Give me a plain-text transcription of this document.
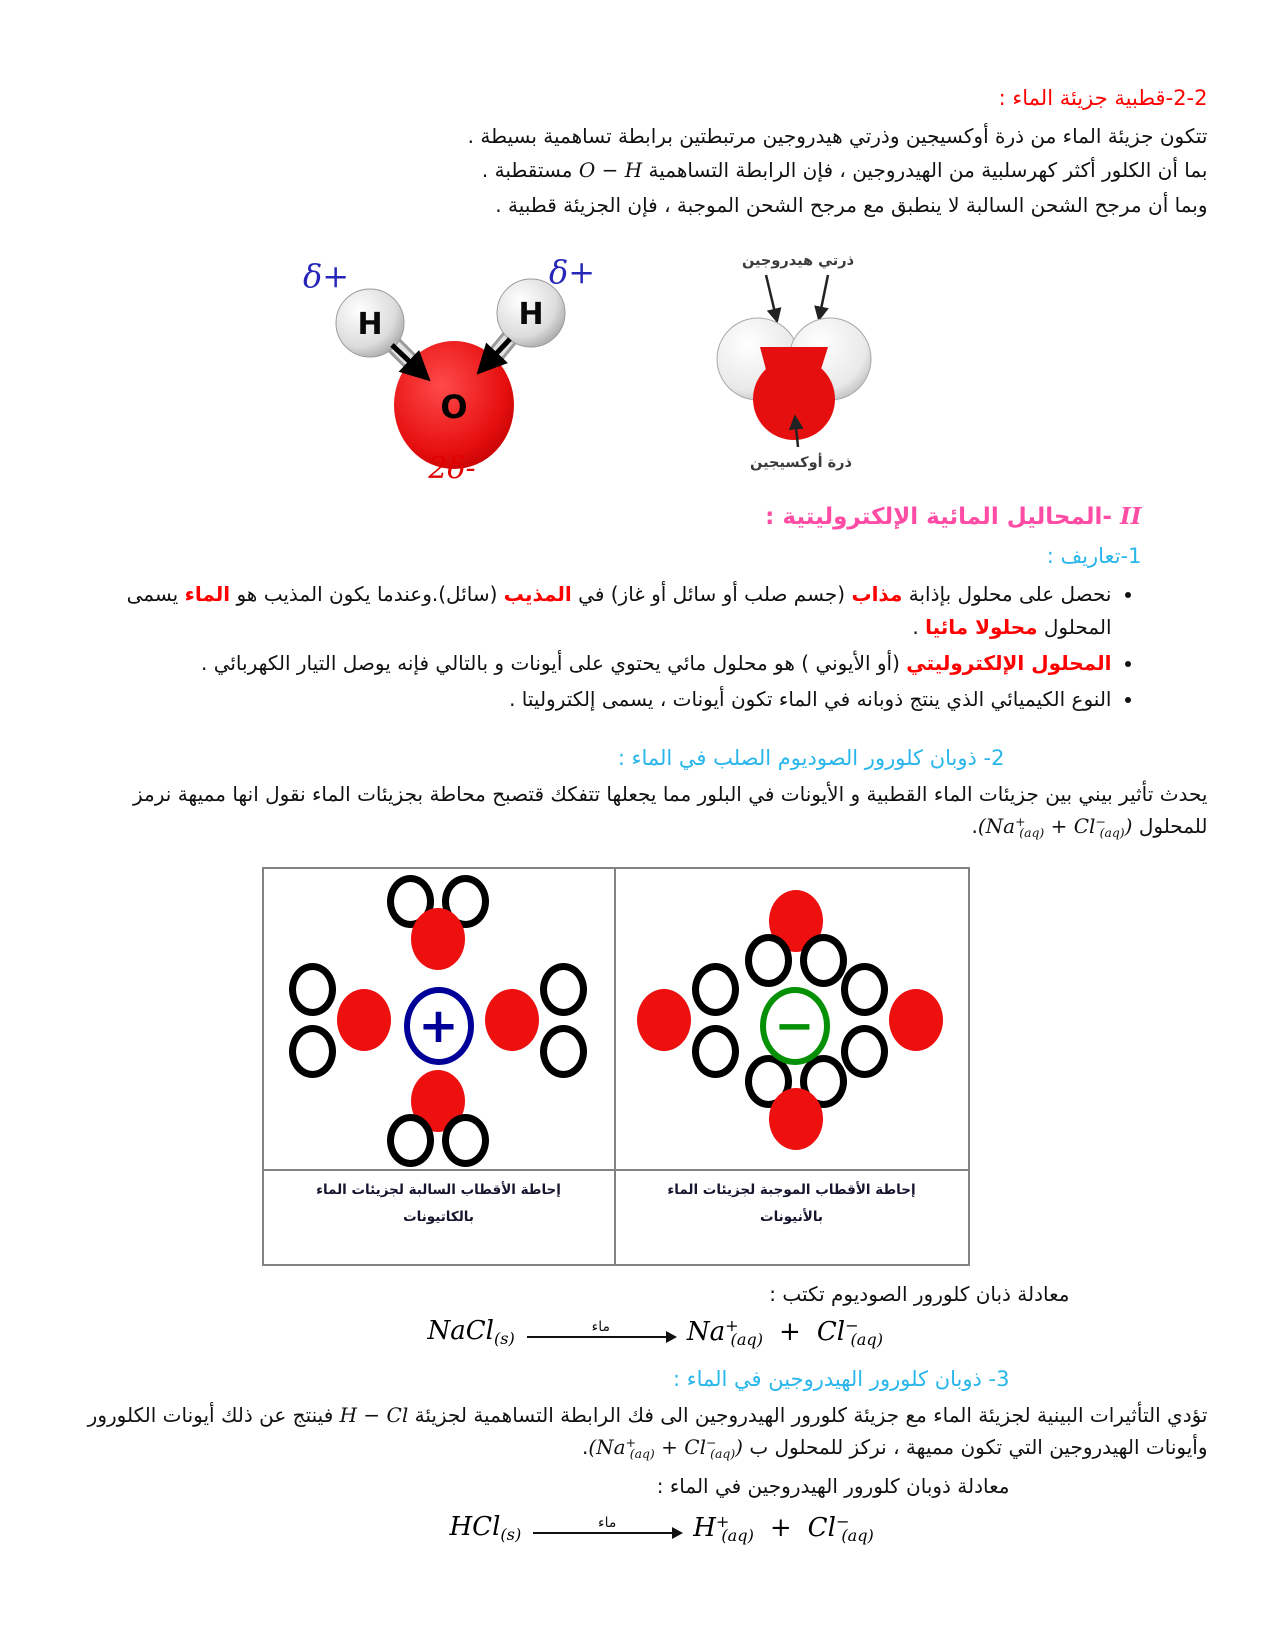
2-2-قطبية جزيئة الماء :

تتكون جزيئة الماء من ذرة أوكسيجين وذرتي هيدروجين مرتبطتين برابطة تساهمية بسيطة .

بما أن الكلور أكثر كهرسلبية من الهيدروجين ، فإن الرابطة التساهمية O − H مستقطبة .

وبما أن مرجح الشحن السالبة لا ينطبق مع مرجح الشحن الموجبة ، فإن الجزيئة قطبية .

H	H
O
+δ	+δ
-2δ
ذرتي هيدروجين
ذرة أوكسيجين
II -المحاليل المائية الإلكتروليتية :
1-تعاريف :
• نحصل على محلول بإذابة مذاب (جسم صلب أو سائل أو غاز) في المذيب (سائل).وعندما يكون المذيب هو الماء يسمى المحلول محلولا مائيا .
• المحلول الإلكتروليتي (أو الأيوني ) هو محلول مائي يحتوي على أيونات و بالتالي فإنه يوصل التيار الكهربائي .
• النوع الكيميائي الذي ينتج ذوبانه في الماء تكون أيونات ، يسمى إلكتروليتا .
2- ذوبان كلورور الصوديوم الصلب في الماء :

يحدث تأثير بيني بين جزيئات الماء القطبية و الأيونات في البلور مما يجعلها تتفكك قتصبح محاطة بجزيئات الماء نقول انها مميهة نرمز للمحلول $(Na^+_{(aq)} + Cl^-_{(aq)})$.

+	−
إحاطة الأقطاب السالبة لجزيئات الماء
بالكاتيونات
إحاطة الأقطاب الموجبة لجزيئات الماء
بالأنيونات

معادلة ذبان كلورور الصوديوم تكتب :

NaCl$_{(s)}$
ماء	$Na^+_{(aq)} + Cl^-_{(aq)}$
3- ذوبان كلورور الهيدروجين في الماء :

تؤدي التأثيرات البينية لجزيئة الماء مع جزيئة كلورور الهيدروجين الى فك الرابطة التساهمية لجزيئة H − Cl فينتج عن ذلك أيونات الكلورور وأيونات الهيدروجين التي تكون مميهة ، نركز للمحلول ب $(Na^+_{(aq)} + Cl^-_{(aq)})$.

معادلة ذوبان كلورور الهيدروجين في الماء :

HCl$_{(s)}$
ماء	$H^+_{(aq)} + Cl^-_{(aq)}$
